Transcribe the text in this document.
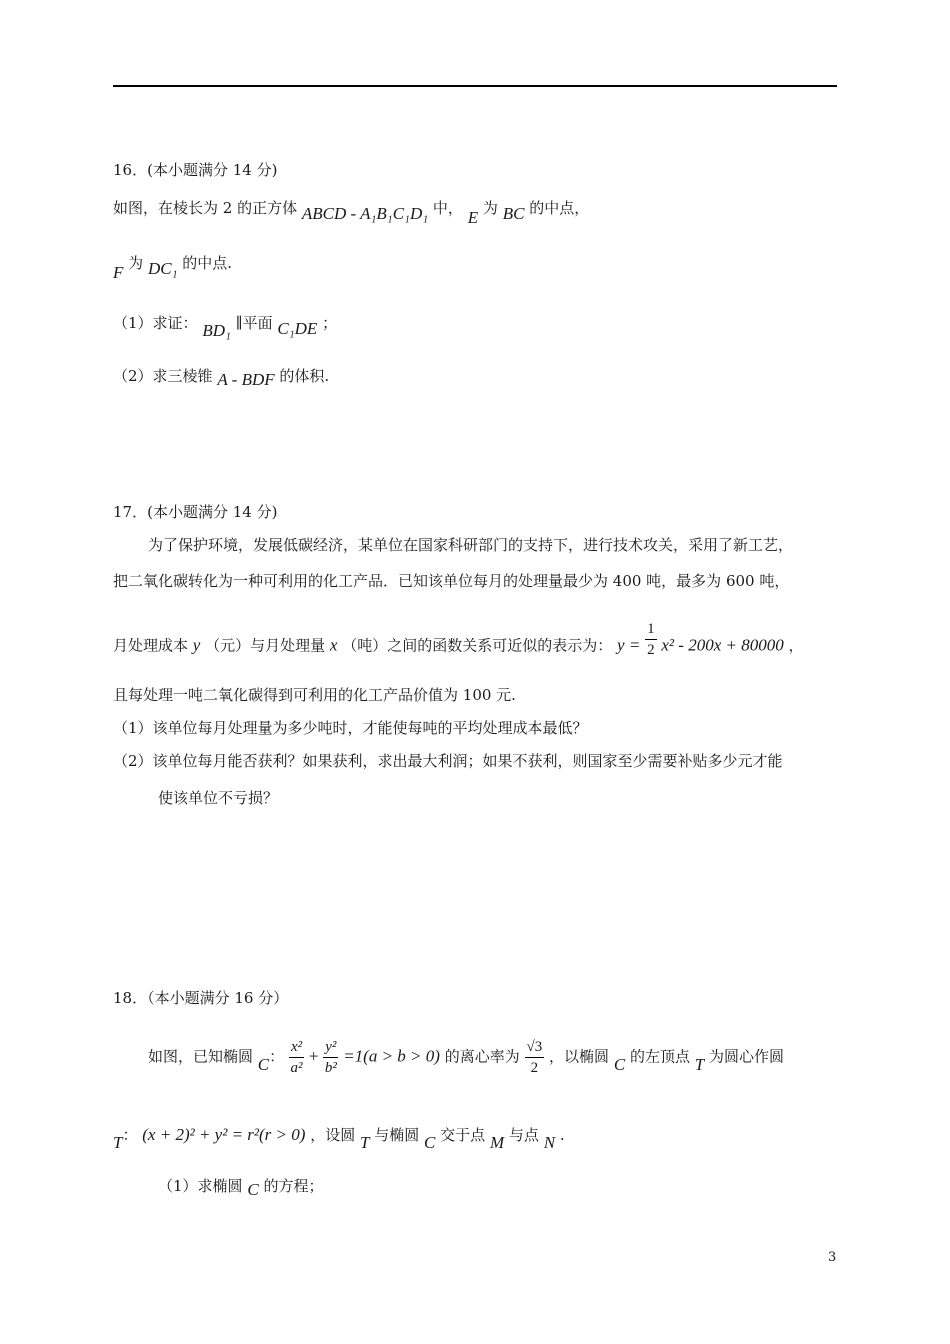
16．(本小题满分 14 分)
如图，在棱长为 2 的正方体 ABCD - A₁B₁C₁D₁ 中， E 为 BC 的中点，
F 为 DC₁ 的中点.
（1）求证： BD₁ ∥平面 C₁DE ；
（2）求三棱锥 A - BDF 的体积.
17．(本小题满分 14 分)
为了保护环境，发展低碳经济，某单位在国家科研部门的支持下，进行技术攻关，采用了新工艺，
把二氧化碳转化为一种可利用的化工产品．已知该单位每月的处理量最少为 400 吨，最多为 600 吨，
月处理成本 y （元）与月处理量 x （吨）之间的函数关系可近似的表示为： $y = \frac{1}{2} x^2 - 200x + 80000$ ，
且每处理一吨二氧化碳得到可利用的化工产品价值为 100 元.
（1）该单位每月处理量为多少吨时，才能使每吨的平均处理成本最低？
（2）该单位每月能否获利？如果获利，求出最大利润；如果不获利，则国家至少需要补贴多少元才能
使该单位不亏损？
18．（本小题满分 16 分）
如图，已知椭圆 C： $\frac{\text{x²}}{\text{a²}} + \frac{\text{y²}}{\text{b²}} =1(a > b > 0)$ 的离心率为 $\frac{√3}{2}$ ，以椭圆 C 的左顶点 T 为圆心作圆
T： (x + 2)² + y² = r²(r > 0) ，设圆 T 与椭圆 C 交于点 M 与点 N .
（1）求椭圆 C 的方程；
3
